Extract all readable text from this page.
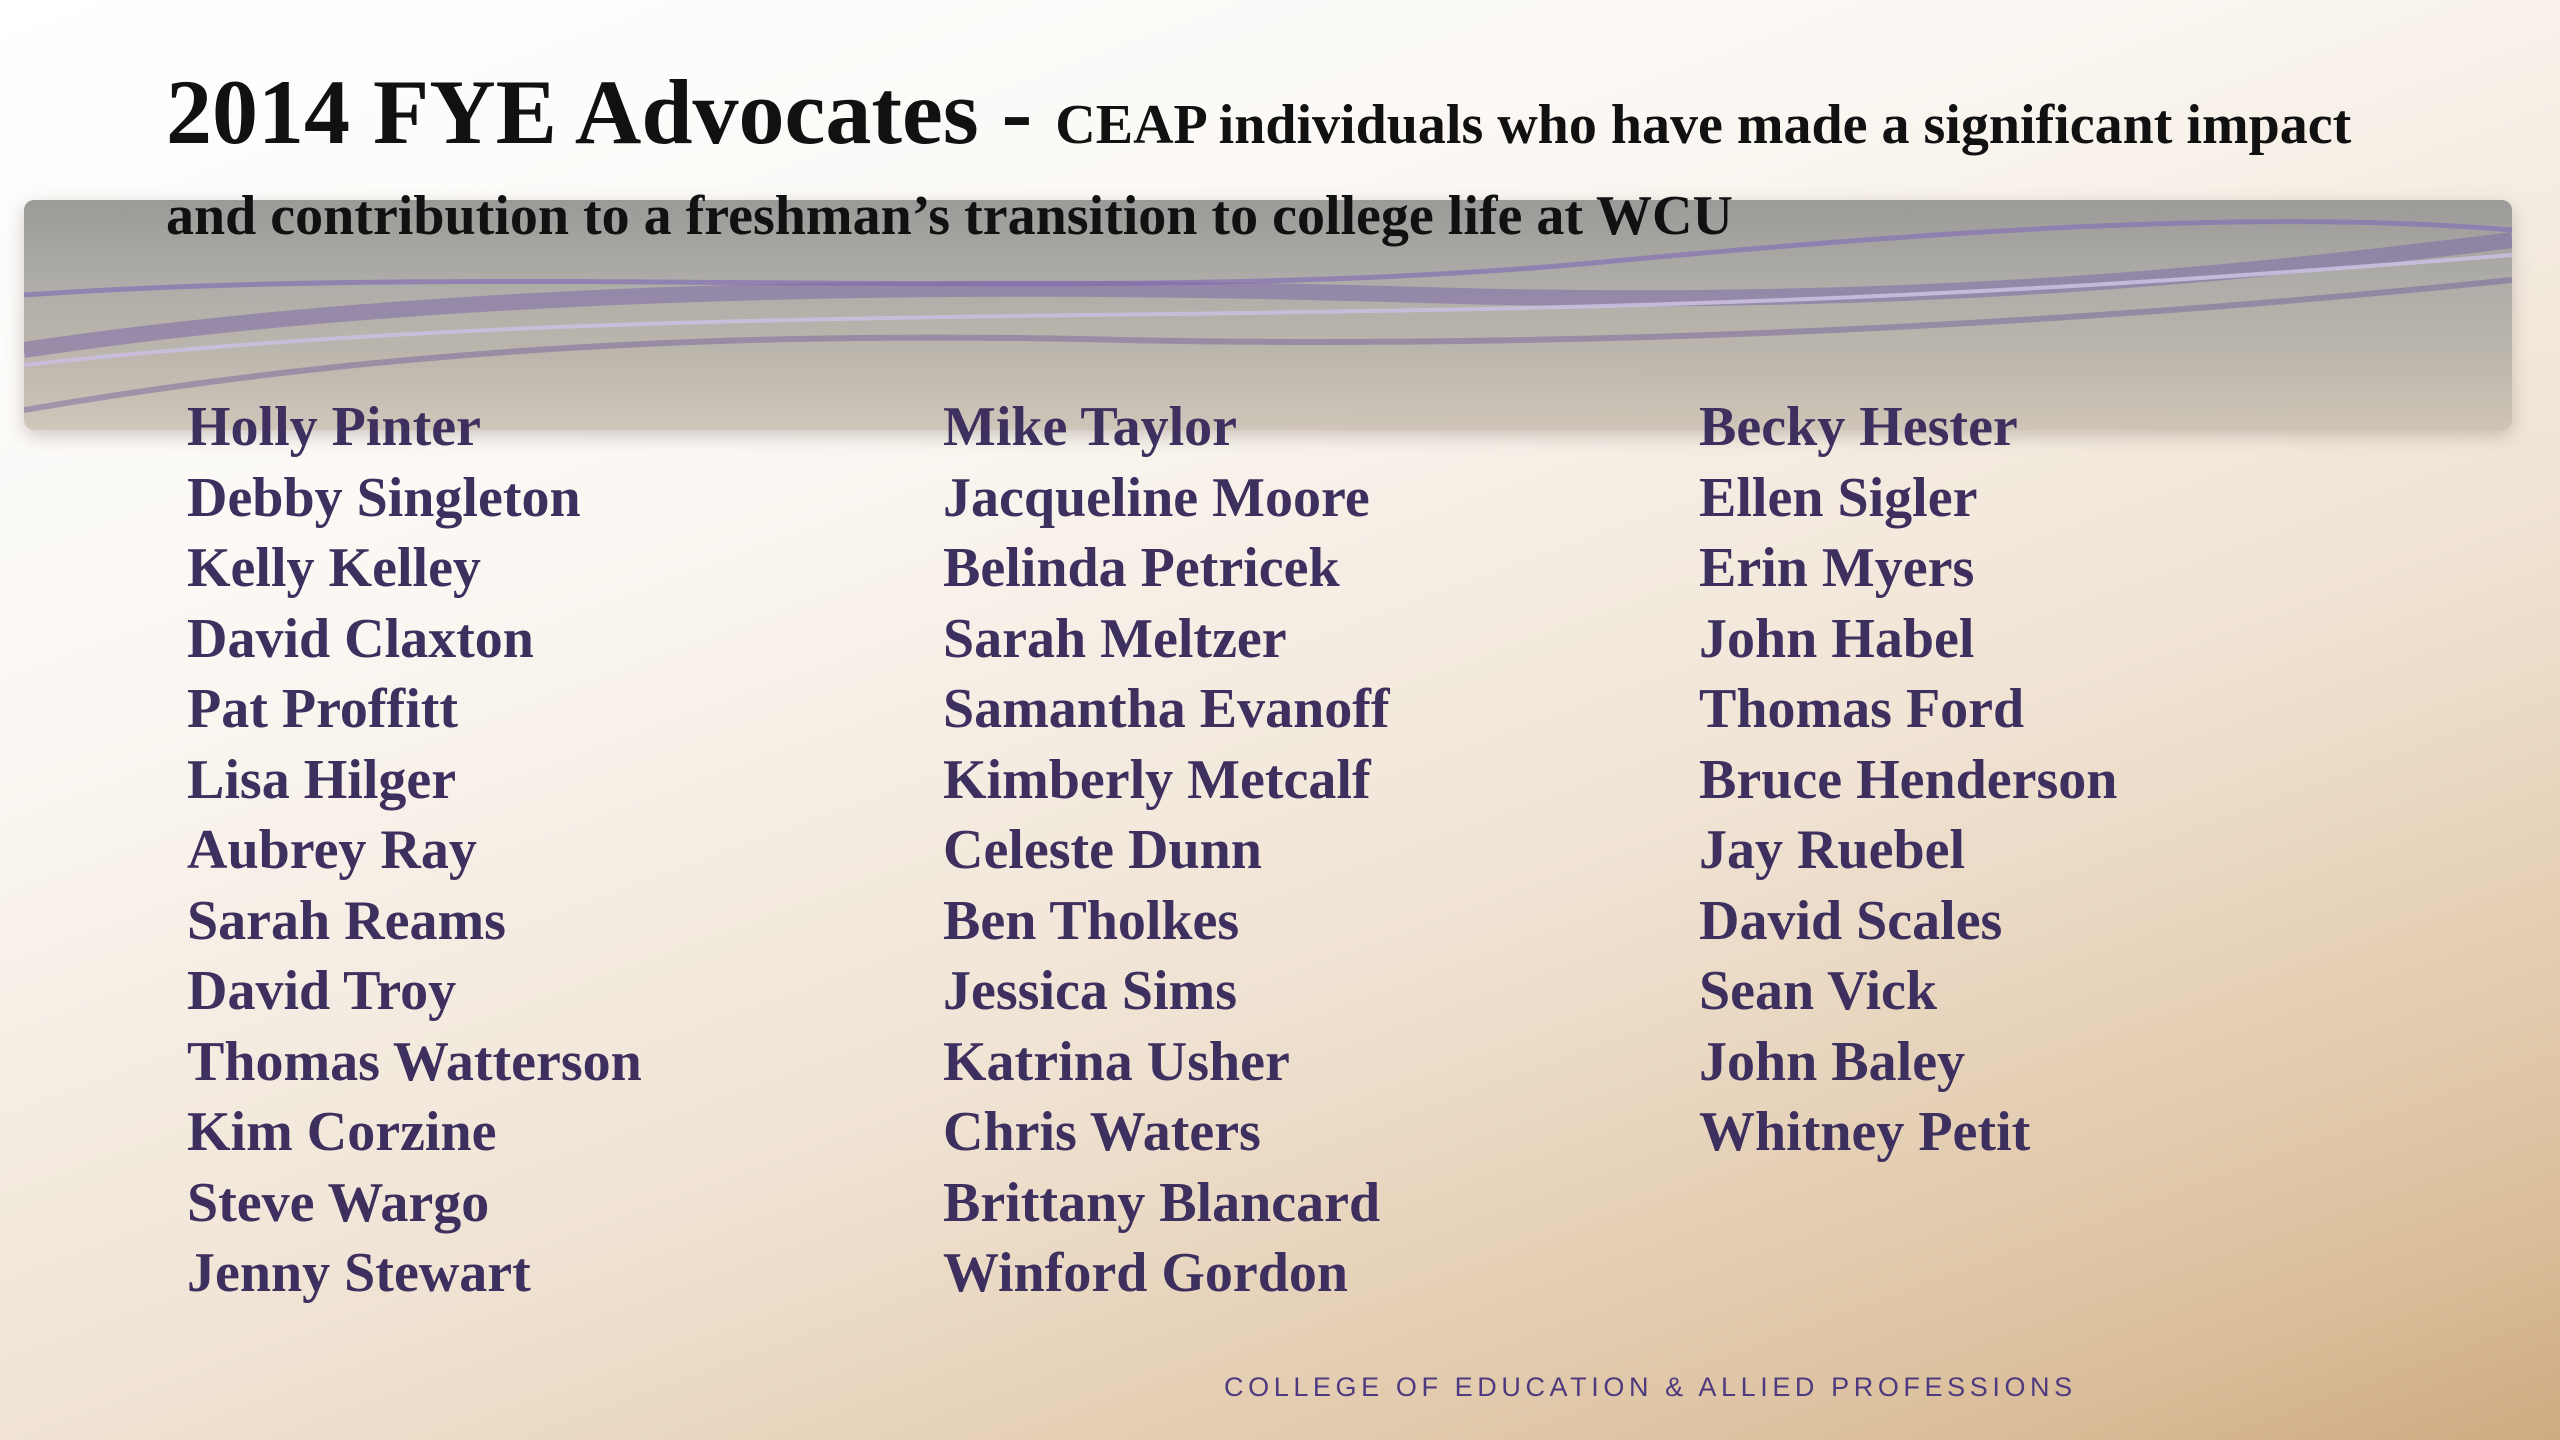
2014 FYE Advocates - CEAP individuals who have made a significant impact and contribution to a freshman’s transition to college life at WCU
Holly Pinter
Debby Singleton
Kelly Kelley
David Claxton
Pat Proffitt
Lisa Hilger
Aubrey Ray
Sarah Reams
David Troy
Thomas Watterson
Kim Corzine
Steve Wargo
Jenny Stewart
Mike Taylor
Jacqueline Moore
Belinda Petricek
Sarah Meltzer
Samantha Evanoff
Kimberly Metcalf
Celeste Dunn
Ben Tholkes
Jessica Sims
Katrina Usher
Chris Waters
Brittany Blancard
Winford Gordon
Becky Hester
Ellen Sigler
Erin Myers
John Habel
Thomas Ford
Bruce Henderson
Jay Ruebel
David Scales
Sean Vick
John Baley
Whitney Petit
COLLEGE OF EDUCATION & ALLIED PROFESSIONS
